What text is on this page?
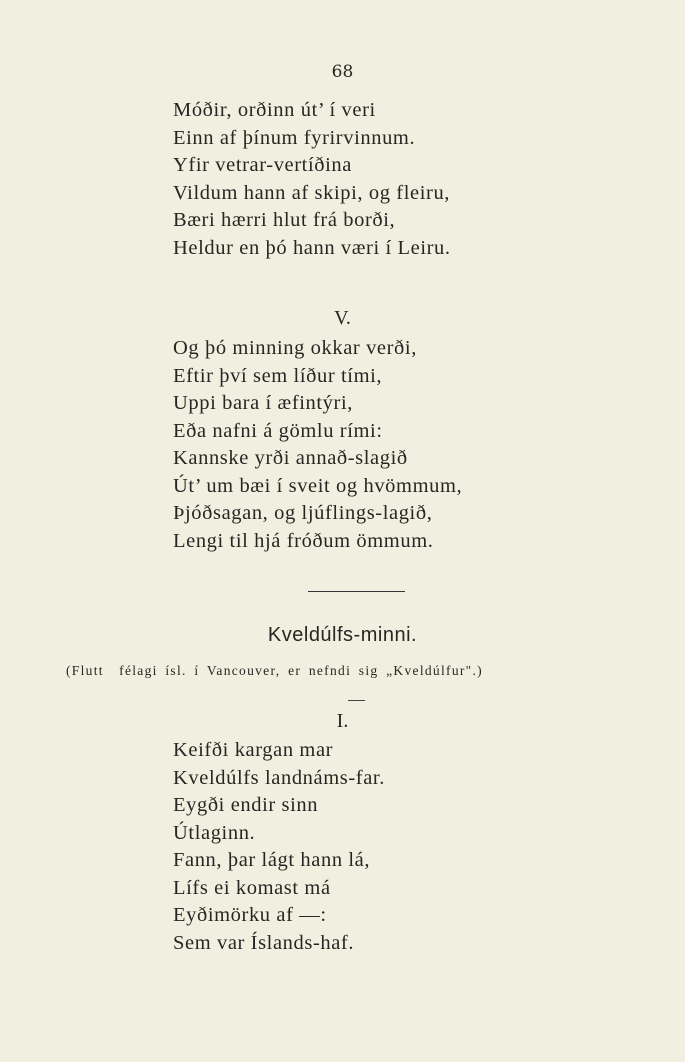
68
Móðir, orðinn út’ í veri
Einn af þínum fyrirvinnum.
Yfir vetrar-vertíðina
Vildum hann af skipi, og fleiru,
Bæri hærri hlut frá borði,
Heldur en þó hann væri í Leiru.
V.
Og þó minning okkar verði,
Eftir því sem líður tími,
Uppi bara í æfintýri,
Eða nafni á gömlu rími:
Kannske yrði annað-slagið
Út’ um bæi í sveit og hvömmum,
Þjóðsagan, og ljúflings-lagið,
Lengi til hjá fróðum ömmum.
Kveldúlfs-minni.
(Flutt  félagi ísl. í Vancouver, er nefndi sig „Kveldúlfur".)
I.
Keifði kargan mar
Kveldúlfs landnáms-far.
Eygði endir sinn
Útlaginn.
Fann, þar lágt hann lá,
Lífs ei komast má
Eyðimörku af —:
Sem var Íslands-haf.
